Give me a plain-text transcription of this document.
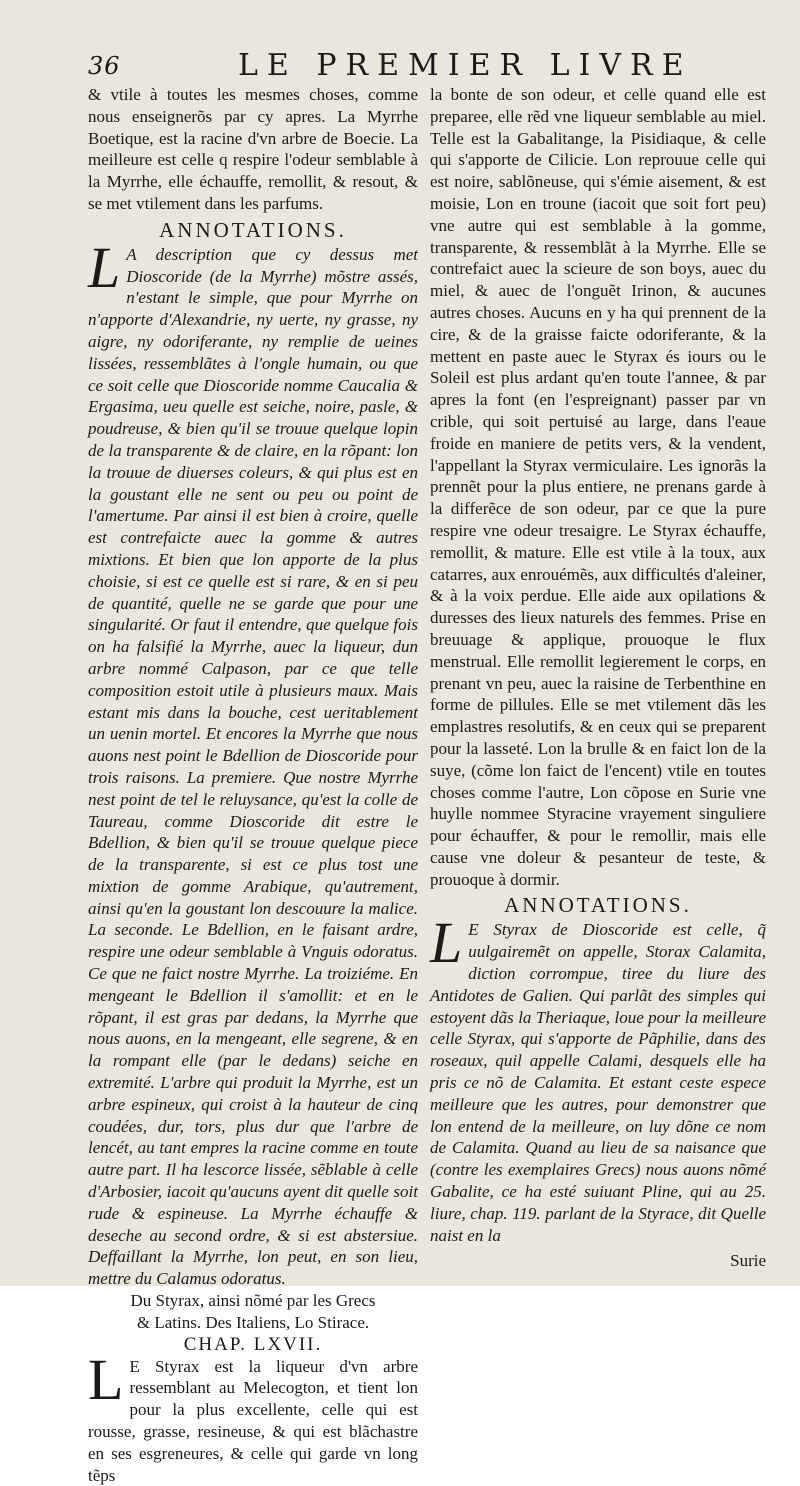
36	LE PREMIER LIVRE

& vtile à toutes les mesmes choses, comme nous enseignerõs par cy apres. La Myrrhe Boetique, est la racine d'vn arbre de Boecie. La meilleure est celle q respire l'odeur semblable à la Myrrhe, elle échauffe, remollit, & resout, & se met vtilement dans les parfums.

ANNOTATIONS.

L A description que cy dessus met Dioscoride (de la Myrrhe) mõstre assés, n'estant le simple, que pour Myrrhe on n'apporte d'Alexandrie, ny uerte, ny grasse, ny aigre, ny odoriferante, ny remplie de ueines lissées, ressemblãtes à l'ongle humain, ou que ce soit celle que Dioscoride nomme Caucalia & Ergasima, ueu quelle est seiche, noire, pasle, & poudreuse, & bien qu'il se trouue quelque lopin de la transparente & de claire, en la rõpant: lon la trouue de diuerses coleurs, & qui plus est en la goustant elle ne sent ou peu ou point de l'amertume. Par ainsi il est bien à croire, quelle est contrefaicte auec la gomme & autres mixtions. Et bien que lon apporte de la plus choisie, si est ce quelle est si rare, & en si peu de quantité, quelle ne se garde que pour une singularité. Or faut il entendre, que quelque fois on ha falsifié la Myrrhe, auec la liqueur, dun arbre nommé Calpason, par ce que telle composition estoit utile à plusieurs maux. Mais estant mis dans la bouche, cest ueritablement un uenin mortel. Et encores la Myrrhe que nous auons nest point le Bdellion de Dioscoride pour trois raisons. La premiere. Que nostre Myrrhe nest point de tel le reluysance, qu'est la colle de Taureau, comme Dioscoride dit estre le Bdellion, & bien qu'il se trouue quelque piece de la transparente, si est ce plus tost une mixtion de gomme Arabique, qu'autrement, ainsi qu'en la goustant lon descouure la malice. La seconde. Le Bdellion, en le faisant ardre, respire une odeur semblable à Vnguis odoratus. Ce que ne faict nostre Myrrhe. La troiziéme. En mengeant le Bdellion il s'amollit: et en le rõpant, il est gras par dedans, la Myrrhe que nous auons, en la mengeant, elle segrene, & en la rompant elle (par le dedans) seiche en extremité. L'arbre qui produit la Myrrhe, est un arbre espineux, qui croist à la hauteur de cinq coudées, dur, tors, plus dur que l'arbre de lencét, au tant empres la racine comme en toute autre part. Il ha lescorce lissée, sẽblable à celle d'Arbosier, iacoit qu'aucuns ayent dit quelle soit rude & espineuse. La Myrrhe échauffe & deseche au second ordre, & si est abstersiue. Deffaillant la Myrrhe, lon peut, en son lieu, mettre du Calamus odoratus.

Du Styrax, ainsi nõmé par les Grecs

& Latins. Des Italiens, Lo Stirace.

CHAP. LXVII.

L E Styrax est la liqueur d'vn arbre ressemblant au Melecogton, et tient lon pour la plus excellente, celle qui est rousse, grasse, resineuse, & qui est blãchastre en ses esgreneures, & celle qui garde vn long tẽps

la bonte de son odeur, et celle quand elle est preparee, elle rẽd vne liqueur semblable au miel. Telle est la Gabalitange, la Pisidiaque, & celle qui s'apporte de Cilicie. Lon reprouue celle qui est noire, sablõneuse, qui s'émie aisement, & est moisie, Lon en troune (iacoit que soit fort peu) vne autre qui est semblable à la gomme, transparente, & ressemblãt à la Myrrhe. Elle se contrefaict auec la scieure de son boys, auec du miel, & auec de l'onguẽt Irinon, & aucunes autres choses. Aucuns en y ha qui prennent de la cire, & de la graisse faicte odoriferante, & la mettent en paste auec le Styrax és iours ou le Soleil est plus ardant qu'en toute l'annee, & par apres la font (en l'espreignant) passer par vn crible, qui soit pertuisé au large, dans l'eaue froide en maniere de petits vers, & la vendent, l'appellant la Styrax vermiculaire. Les ignorãs la prennẽt pour la plus entiere, ne prenans garde à la differẽce de son odeur, par ce que la pure respire vne odeur tresaigre. Le Styrax échauffe, remollit, & mature. Elle est vtile à la toux, aux catarres, aux enrouémẽs, aux difficultés d'aleiner, & à la voix perdue. Elle aide aux opilations & duresses des lieux naturels des femmes. Prise en breuuage & applique, prouoque le flux menstrual. Elle remollit legierement le corps, en prenant vn peu, auec la raisine de Terbenthine en forme de pillules. Elle se met vtilement dãs les emplastres resolutifs, & en ceux qui se preparent pour la lasseté. Lon la brulle & en faict lon de la suye, (cõme lon faict de l'encent) vtile en toutes choses comme l'autre, Lon cõpose en Surie vne huylle nommee Styracine vrayement singuliere pour échauffer, & pour le remollir, mais elle cause vne doleur & pesanteur de teste, & prouoque à dormir.

ANNOTATIONS.

L E Styrax de Dioscoride est celle, q̃ uulgairemẽt on appelle, Storax Calamita, diction corrompue, tiree du liure des Antidotes de Galien. Qui parlãt des simples qui estoyent dãs la Theriaque, loue pour la meilleure celle Styrax, qui s'apporte de Pãphilie, dans des roseaux, quil appelle Calami, desquels elle ha pris ce nõ de Calamita. Et estant ceste espece meilleure que les autres, pour demonstrer que lon entend de la meilleure, on luy dõne ce nom de Calamita. Quand au lieu de sa naisance que (contre les exemplaires Grecs) nous auons nõmé Gabalite, ce ha esté suiuant Pline, qui au 25. liure, chap. 119. parlant de la Styrace, dit Quelle naist en la

Surie
